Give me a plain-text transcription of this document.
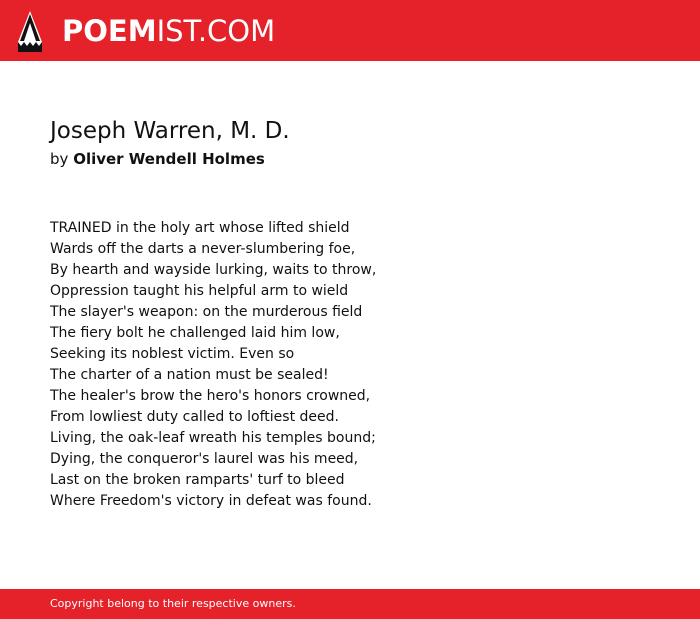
POEMIST.COM
Joseph Warren, M. D.
by Oliver Wendell Holmes
TRAINED in the holy art whose lifted shield
Wards off the darts a never-slumbering foe,
By hearth and wayside lurking, waits to throw,
Oppression taught his helpful arm to wield
The slayer's weapon: on the murderous field
The fiery bolt he challenged laid him low,
Seeking its noblest victim. Even so
The charter of a nation must be sealed!
The healer's brow the hero's honors crowned,
From lowliest duty called to loftiest deed.
Living, the oak-leaf wreath his temples bound;
Dying, the conqueror's laurel was his meed,
Last on the broken ramparts' turf to bleed
Where Freedom's victory in defeat was found.
Copyright belong to their respective owners.
